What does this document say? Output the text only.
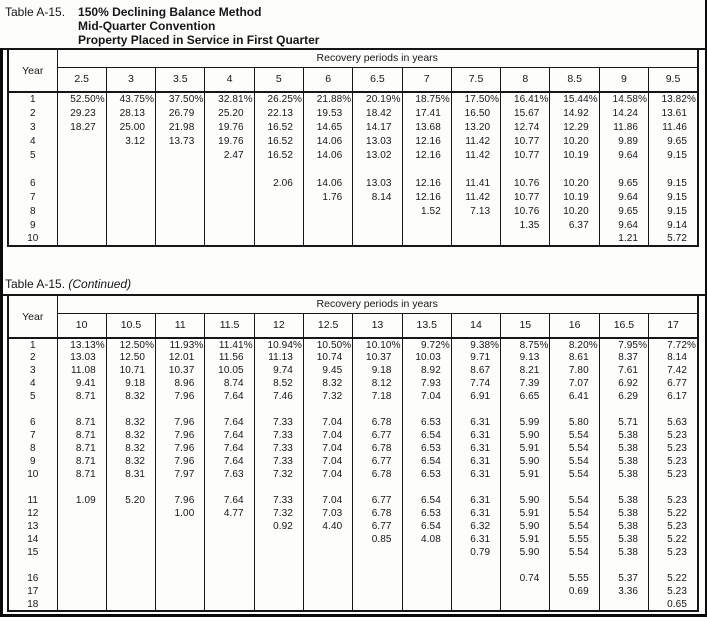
Table A-15. 150% Declining Balance Method
Mid-Quarter Convention
Property Placed in Service in First Quarter
Year	Recovery periods in years												
	2.5	3	3.5	4	5	6	6.5	7	7.5	8	8.5	9	9.5
1	52.50%	43.75%	37.50%	32.81%	26.25%	21.88%	20.19%	18.75%	17.50%	16.41%	15.44%	14.58%	13.82%
2	29.23	28.13	26.79	25.20	22.13	19.53	18.42	17.41	16.50	15.67	14.92	14.24	13.61
3	18.27	25.00	21.98	19.76	16.52	14.65	14.17	13.68	13.20	12.74	12.29	11.86	11.46
4		3.12	13.73	19.76	16.52	14.06	13.03	12.16	11.42	10.77	10.20	9.89	9.65
5				2.47	16.52	14.06	13.02	12.16	11.42	10.77	10.19	9.64	9.15

6					2.06	14.06	13.03	12.16	11.41	10.76	10.20	9.65	9.15
7						1.76	8.14	12.16	11.42	10.77	10.19	9.64	9.15
8								1.52	7.13	10.76	10.20	9.65	9.15
9										1.35	6.37	9.64	9.14
10												1.21	5.72
Table A-15. (Continued)
Year	Recovery periods in years												
	10	10.5	11	11.5	12	12.5	13	13.5	14	15	16	16.5	17
1	13.13%	12.50%	11.93%	11.41%	10.94%	10.50%	10.10%	9.72%	9.38%	8.75%	8.20%	7.95%	7.72%
2	13.03	12.50	12.01	11.56	11.13	10.74	10.37	10.03	9.71	9.13	8.61	8.37	8.14
3	11.08	10.71	10.37	10.05	9.74	9.45	9.18	8.92	8.67	8.21	7.80	7.61	7.42
4	9.41	9.18	8.96	8.74	8.52	8.32	8.12	7.93	7.74	7.39	7.07	6.92	6.77
5	8.71	8.32	7.96	7.64	7.46	7.32	7.18	7.04	6.91	6.65	6.41	6.29	6.17

6	8.71	8.32	7.96	7.64	7.33	7.04	6.78	6.53	6.31	5.99	5.80	5.71	5.63
7	8.71	8.32	7.96	7.64	7.33	7.04	6.77	6.54	6.31	5.90	5.54	5.38	5.23
8	8.71	8.32	7.96	7.64	7.33	7.04	6.78	6.53	6.31	5.91	5.54	5.38	5.23
9	8.71	8.32	7.96	7.64	7.33	7.04	6.77	6.54	6.31	5.90	5.54	5.38	5.23
10	8.71	8.31	7.97	7.63	7.32	7.04	6.78	6.53	6.31	5.91	5.54	5.38	5.23

11	1.09	5.20	7.96	7.64	7.33	7.04	6.77	6.54	6.31	5.90	5.54	5.38	5.23
12			1.00	4.77	7.32	7.03	6.78	6.53	6.31	5.91	5.54	5.38	5.22
13					0.92	4.40	6.77	6.54	6.32	5.90	5.54	5.38	5.23
14							0.85	4.08	6.31	5.91	5.55	5.38	5.22
15									0.79	5.90	5.54	5.38	5.23

16										0.74	5.55	5.37	5.22
17											0.69	3.36	5.23
18													0.65
